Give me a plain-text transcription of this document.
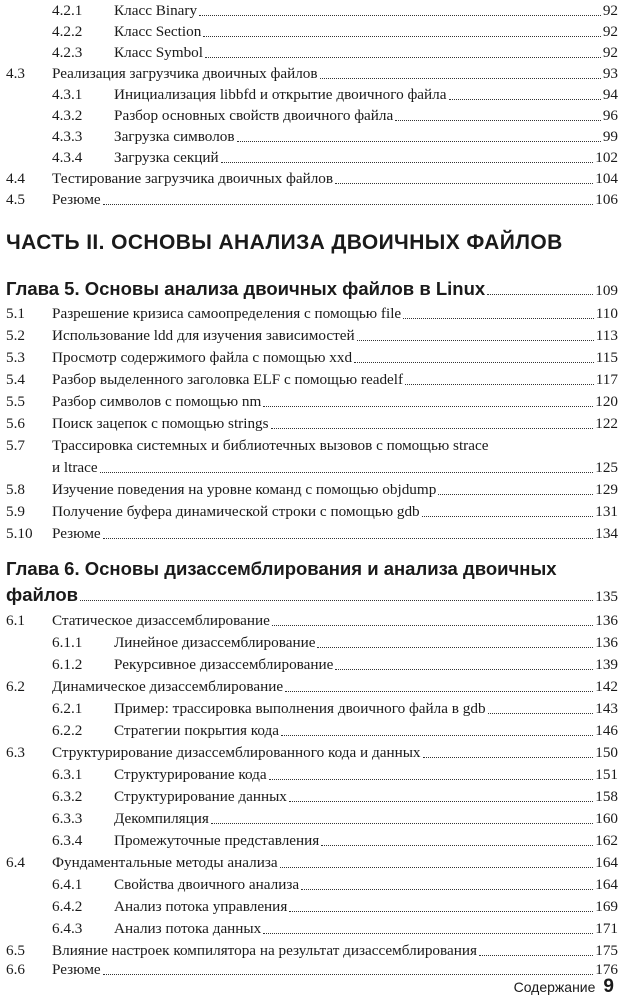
4.2.1 Класс Binary	92
4.2.2 Класс Section	92
4.2.3 Класс Symbol	92
4.3 Реализация загрузчика двоичных файлов	93
4.3.1 Инициализация libbfd и открытие двоичного файла	94
4.3.2 Разбор основных свойств двоичного файла	96
4.3.3 Загрузка символов	99
4.3.4 Загрузка секций	102
4.4 Тестирование загрузчика двоичных файлов	104
4.5 Резюме	106
ЧАСТЬ II. ОСНОВЫ АНАЛИЗА ДВОИЧНЫХ ФАЙЛОВ
Глава 5. Основы анализа двоичных файлов в Linux	109
5.1 Разрешение кризиса самоопределения с помощью file	110
5.2 Использование ldd для изучения зависимостей	113
5.3 Просмотр содержимого файла с помощью xxd	115
5.4 Разбор выделенного заголовка ELF с помощью readelf	117
5.5 Разбор символов с помощью nm	120
5.6 Поиск зацепок с помощью strings	122
5.7 Трассировка системных и библиотечных вызовов с помощью strace
и ltrace	125
5.8 Изучение поведения на уровне команд с помощью objdump	129
5.9 Получение буфера динамической строки с помощью gdb	131
5.10 Резюме	134
Глава 6. Основы дизассемблирования и анализа двоичных
файлов	135
6.1 Статическое дизассемблирование	136
6.1.1 Линейное дизассемблирование	136
6.1.2 Рекурсивное дизассемблирование	139
6.2 Динамическое дизассемблирование	142
6.2.1 Пример: трассировка выполнения двоичного файла в gdb	143
6.2.2 Стратегии покрытия кода	146
6.3 Структурирование дизассемблированного кода и данных	150
6.3.1 Структурирование кода	151
6.3.2 Структурирование данных	158
6.3.3 Декомпиляция	160
6.3.4 Промежуточные представления	162
6.4 Фундаментальные методы анализа	164
6.4.1 Свойства двоичного анализа	164
6.4.2 Анализ потока управления	169
6.4.3 Анализ потока данных	171
6.5 Влияние настроек компилятора на результат дизассемблирования	175
6.6 Резюме	176
Содержание 9
